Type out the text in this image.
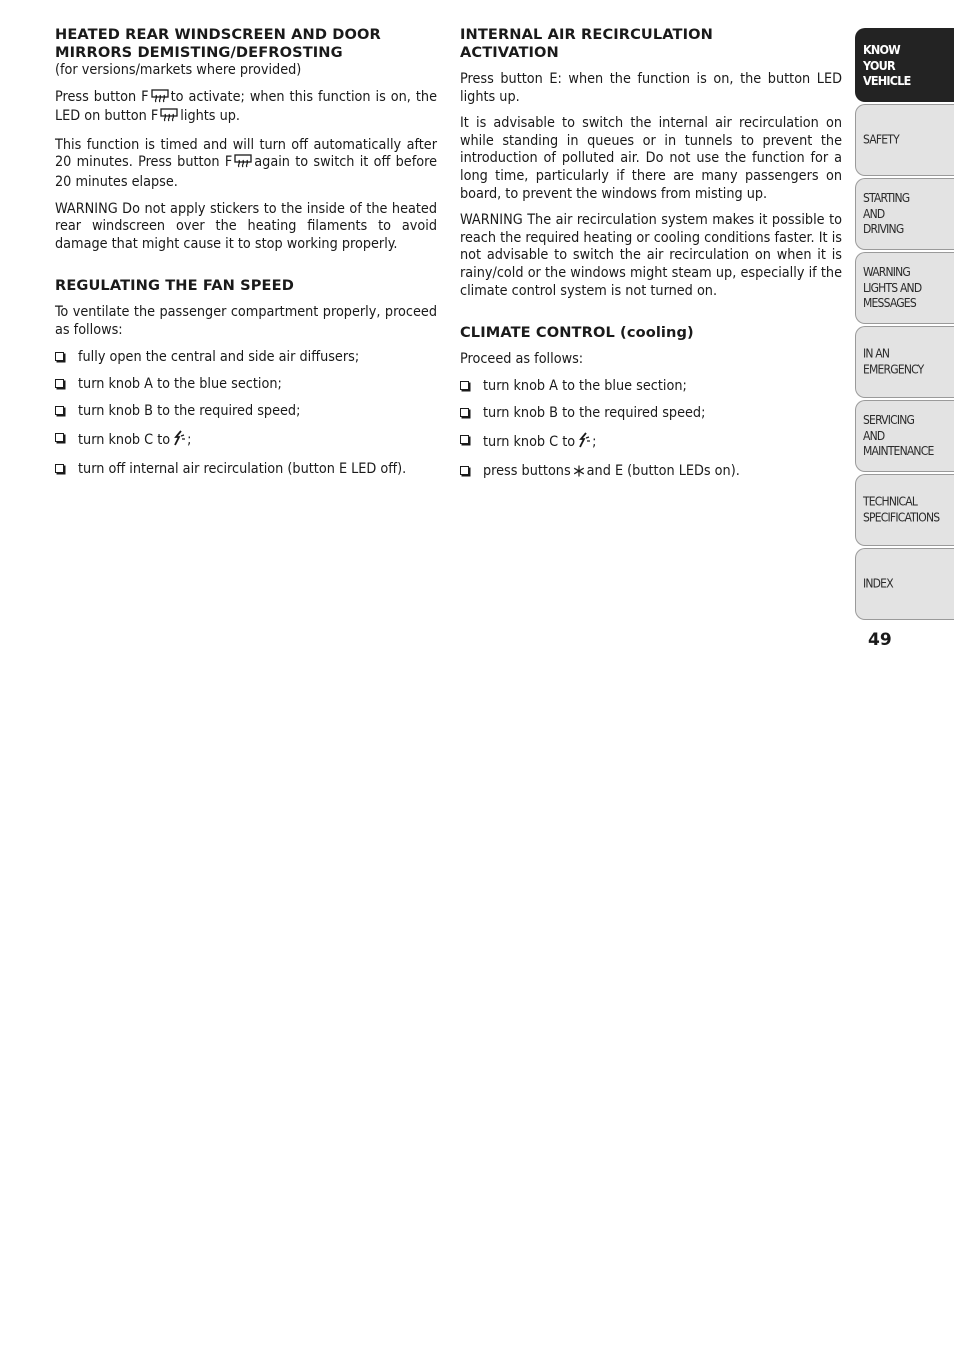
HEATED REAR WINDSCREEN AND DOOR
MIRRORS DEMISTING/DEFROSTING

(for versions/markets where provided)

Press button F to activate; when this function is on, the LED on button F lights up.

This function is timed and will turn off automatically after 20 minutes. Press button F again to switch it off before 20 minutes elapse.

WARNING Do not apply stickers to the inside of the heated rear windscreen over the heating filaments to avoid damage that might cause it to stop working properly.

REGULATING THE FAN SPEED

To ventilate the passenger compartment properly, proceed as follows:

fully open the central and side air diffusers;
turn knob A to the blue section;
turn knob B to the required speed;
turn knob C to ;
turn off internal air recirculation (button E LED off).
INTERNAL AIR RECIRCULATION
ACTIVATION

Press button E: when the function is on, the button LED lights up.

It is advisable to switch the internal air recirculation on while standing in queues or in tunnels to prevent the introduction of polluted air. Do not use the function for a long time, particularly if there are many passengers on board, to prevent the windows from misting up.

WARNING The air recirculation system makes it possible to reach the required heating or cooling conditions faster. It is not advisable to switch the air recirculation on when it is rainy/cold or the windows might steam up, especially if the climate control system is not turned on.

CLIMATE CONTROL (cooling)

Proceed as follows:

turn knob A to the blue section;
turn knob B to the required speed;
turn knob C to ;
press buttons and E (button LEDs on).
KNOW
YOUR
VEHICLE
SAFETY
STARTING
AND
DRIVING
WARNING
LIGHTS AND
MESSAGES
IN AN
EMERGENCY
SERVICING
AND
MAINTENANCE
TECHNICAL
SPECIFICATIONS
INDEX
49
